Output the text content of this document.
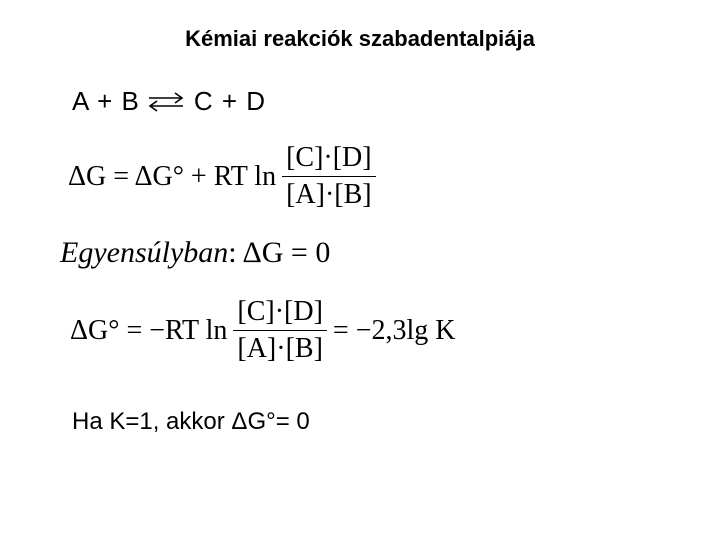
Kémiai reakciók szabadentalpiája
A + B ⇌ C + D
ΔG
= ΔG° + RT $\ln \frac{[C]\cdot[D]}{[A]\cdot[B]}$
Egyensúlyban : ΔG = 0
ΔG°
= −RT $\ln \frac{[C]\cdot[D]}{[A]\cdot[B]} = -2,3\lg$ K
Ha K=1, akkor ΔG°= 0
